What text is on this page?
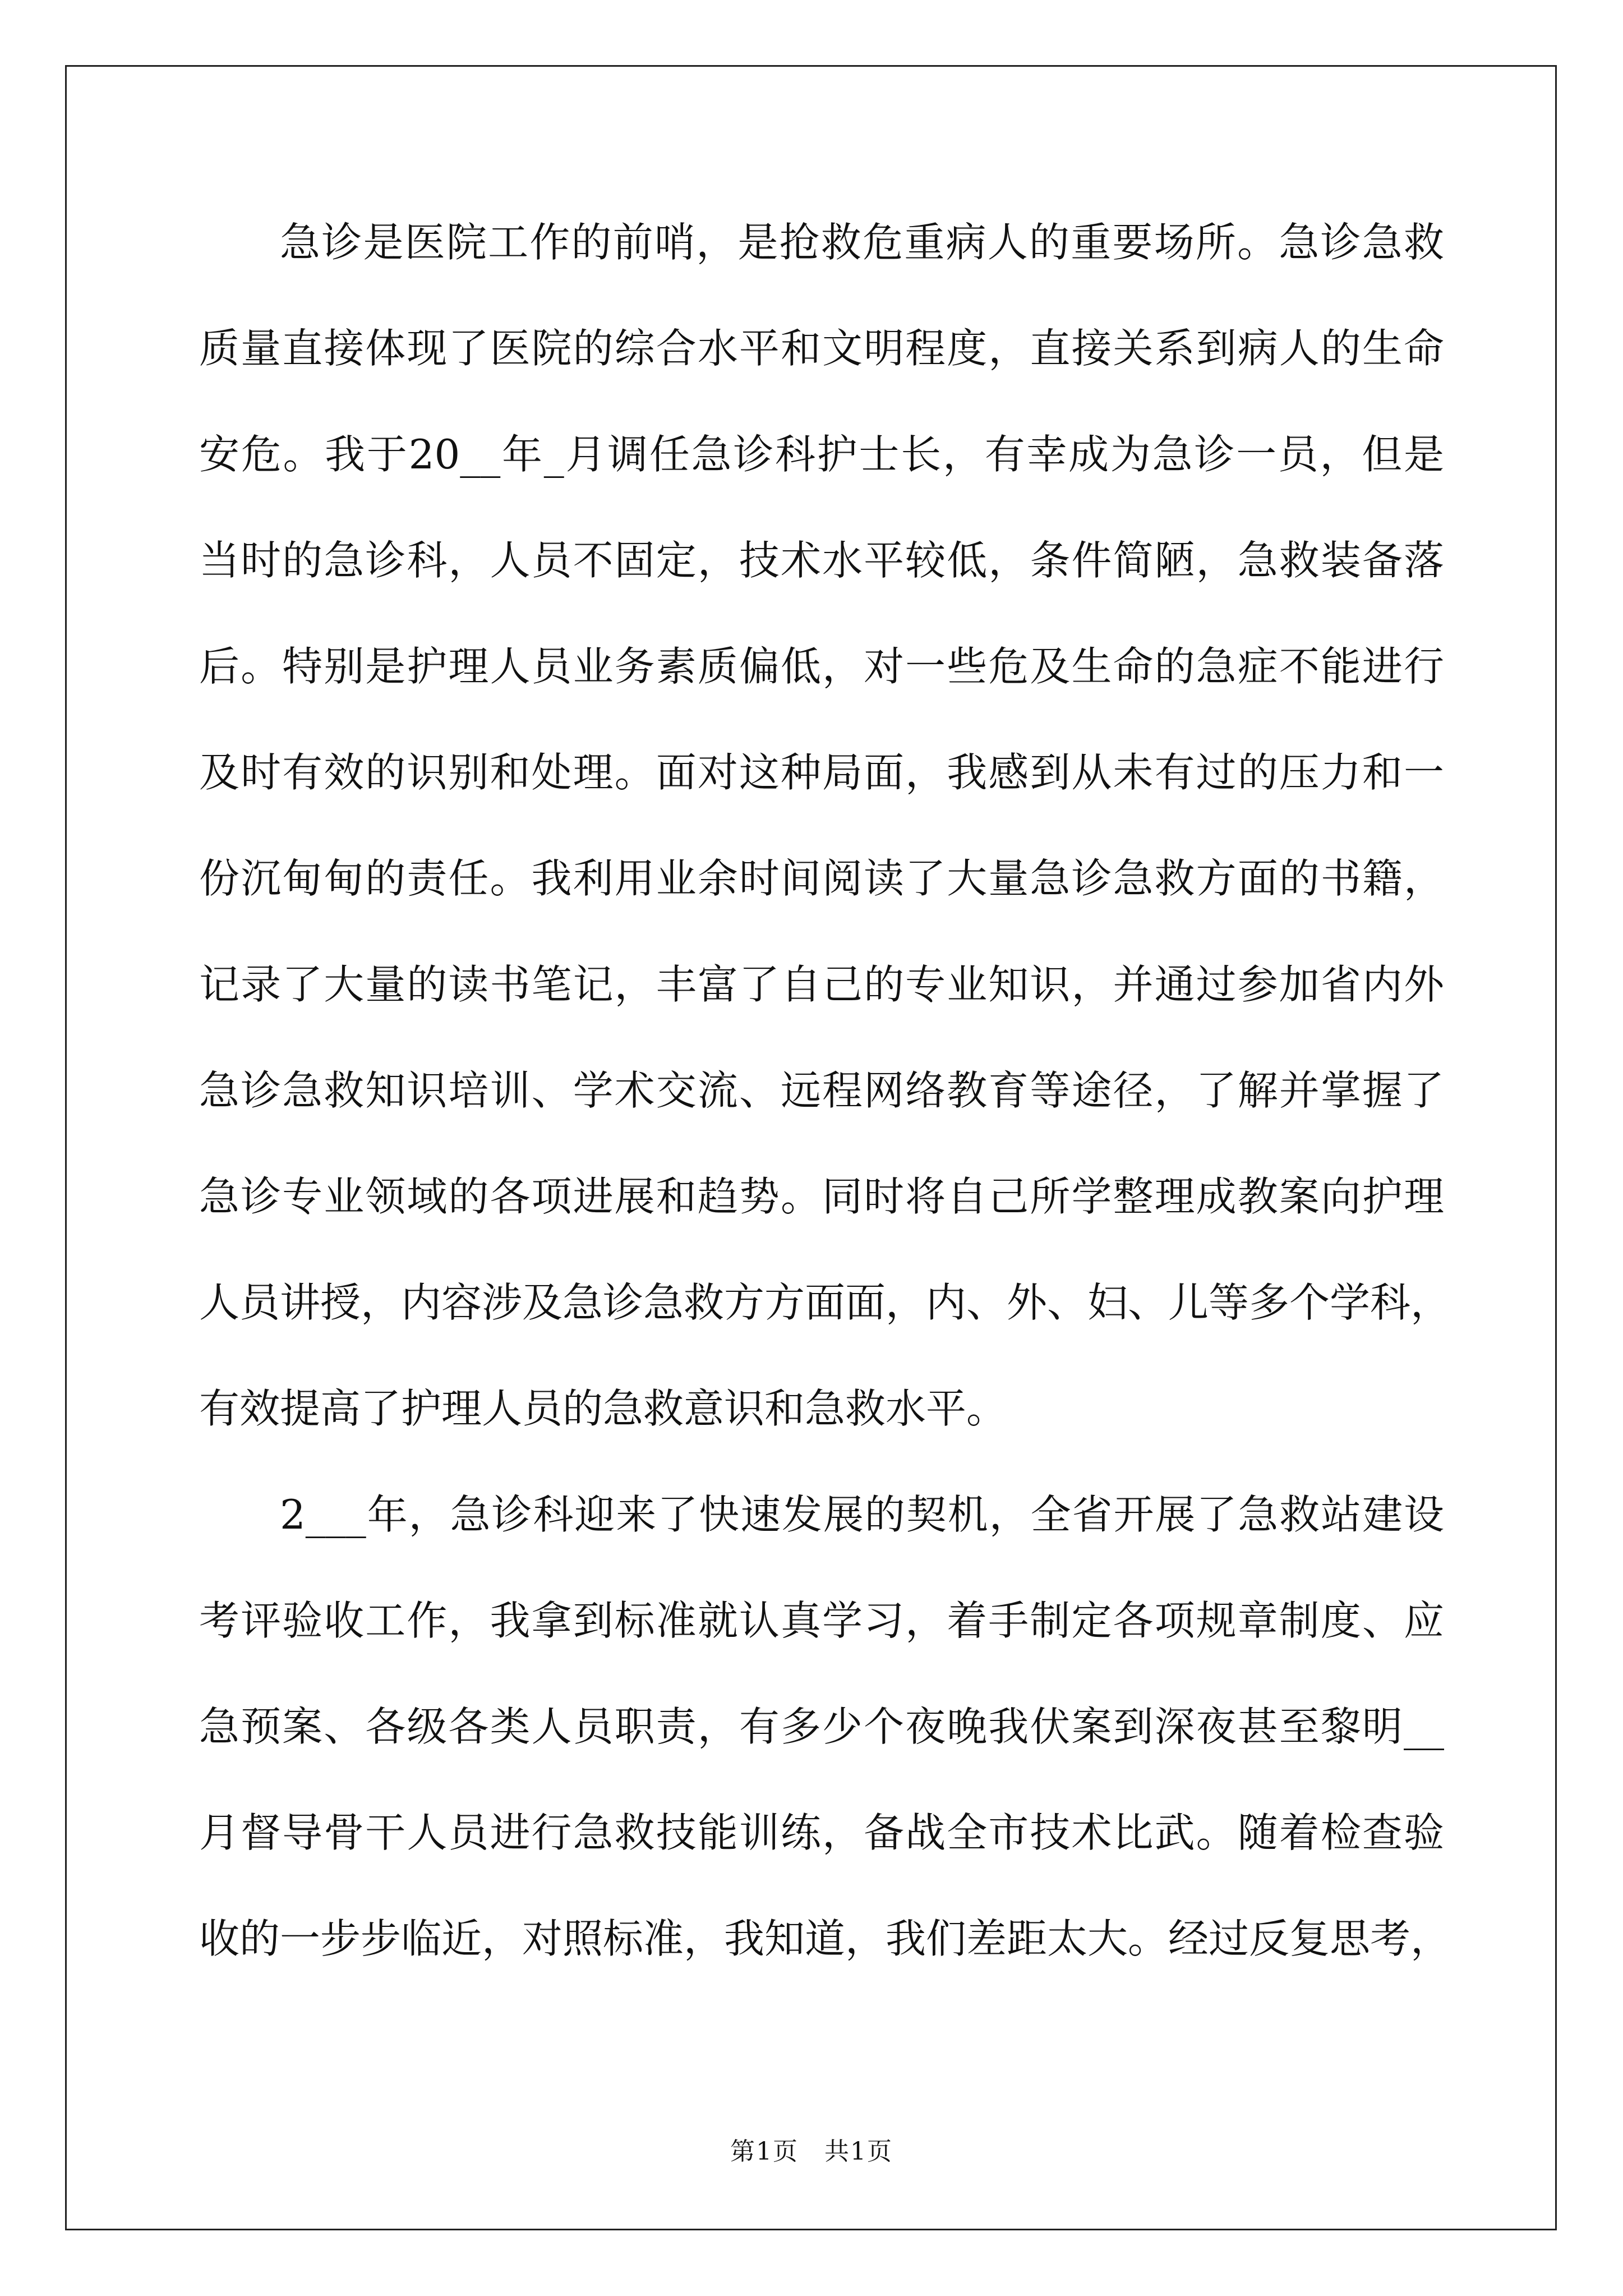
急诊是医院工作的前哨，是抢救危重病人的重要场所。急诊急救
质量直接体现了医院的综合水平和文明程度，直接关系到病人的生命
安危。我于20__年_月调任急诊科护士长，有幸成为急诊一员，但是
当时的急诊科，人员不固定，技术水平较低，条件简陋，急救装备落
后。特别是护理人员业务素质偏低，对一些危及生命的急症不能进行
及时有效的识别和处理。面对这种局面，我感到从未有过的压力和一
份沉甸甸的责任。我利用业余时间阅读了大量急诊急救方面的书籍，
记录了大量的读书笔记，丰富了自己的专业知识，并通过参加省内外
急诊急救知识培训、学术交流、远程网络教育等途径，了解并掌握了
急诊专业领域的各项进展和趋势。同时将自己所学整理成教案向护理
人员讲授，内容涉及急诊急救方方面面，内、外、妇、儿等多个学科，
有效提高了护理人员的急救意识和急救水平。
2___年，急诊科迎来了快速发展的契机，全省开展了急救站建设
考评验收工作，我拿到标准就认真学习，着手制定各项规章制度、应
急预案、各级各类人员职责，有多少个夜晚我伏案到深夜甚至黎明__
月督导骨干人员进行急救技能训练，备战全市技术比武。随着检查验
收的一步步临近，对照标准，我知道，我们差距太大。经过反复思考，
第1页　共1页
